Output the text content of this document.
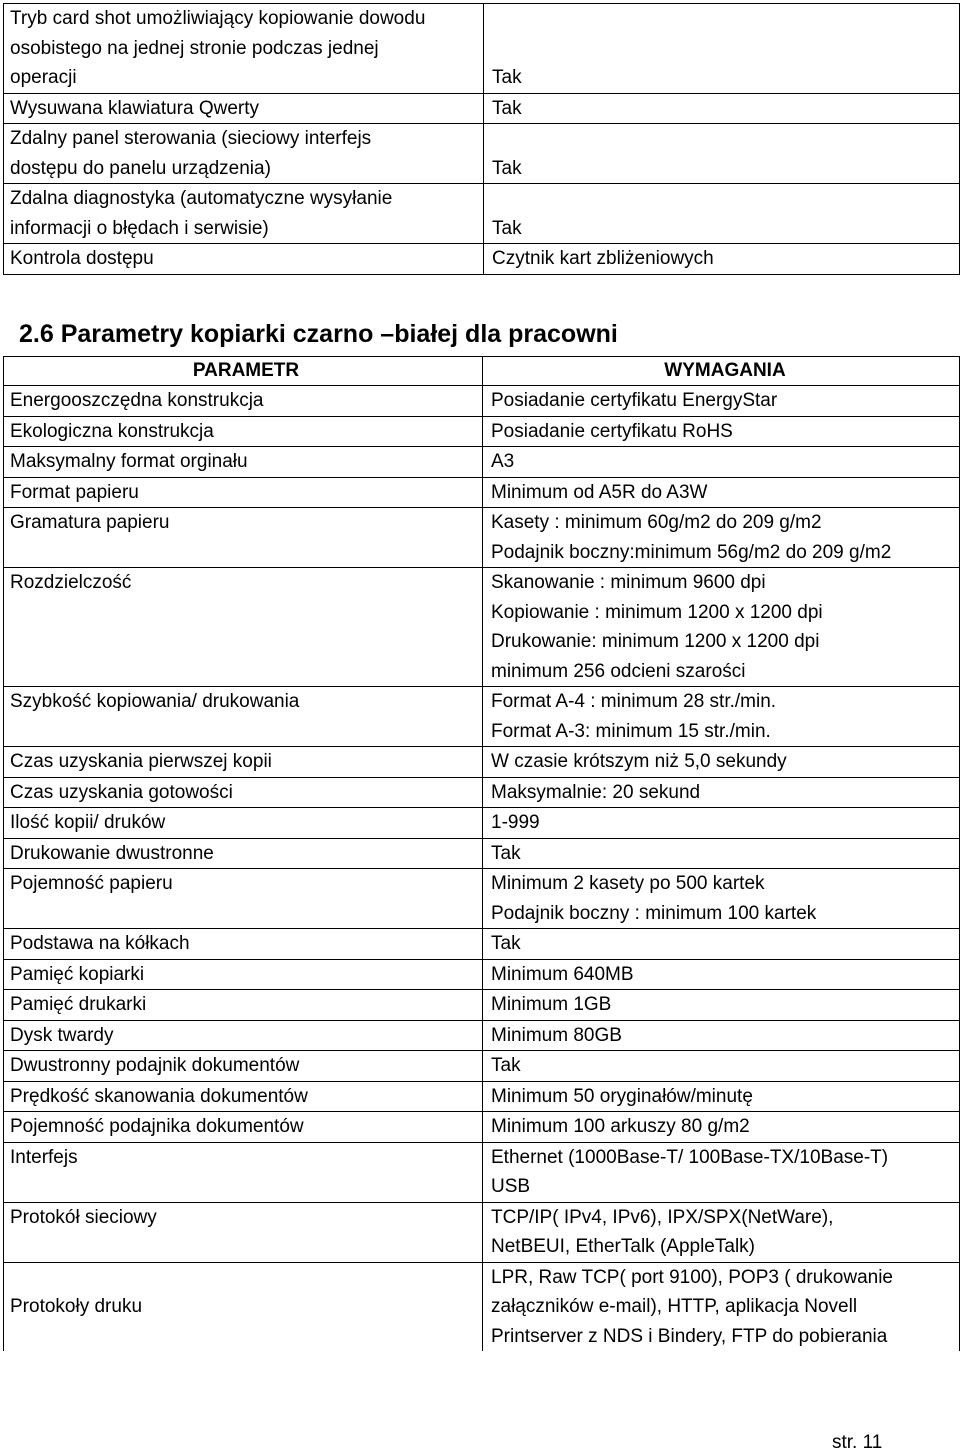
Tryb card shot umożliwiający kopiowanie dowodu
osobistego na jednej stronie podczas jednej
operacji	Tak

Wysuwana klawiatura Qwerty	Tak

Zdalny panel sterowania (sieciowy interfejs
dostępu do panelu urządzenia)	Tak

Zdalna diagnostyka (automatyczne wysyłanie
informacji o błędach i serwisie)	Tak

Kontrola dostępu	Czytnik kart zbliżeniowych
2.6 Parametry kopiarki czarno –białej dla pracowni
PARAMETR	WYMAGANIA

Energooszczędna konstrukcja	Posiadanie certyfikatu EnergyStar

Ekologiczna konstrukcja	Posiadanie certyfikatu RoHS

Maksymalny format orginału	A3

Format papieru	Minimum od A5R do A3W

Gramatura papieru	Kasety : minimum 60g/m2 do 209 g/m2
Podajnik boczny:minimum 56g/m2 do 209 g/m2

Rozdzielczość	Skanowanie : minimum 9600 dpi
Kopiowanie : minimum 1200 x 1200 dpi
Drukowanie: minimum 1200 x 1200 dpi
minimum 256 odcieni szarości

Szybkość kopiowania/ drukowania	Format A-4 : minimum 28 str./min.
Format A-3: minimum 15 str./min.

Czas uzyskania pierwszej kopii	W czasie krótszym niż 5,0 sekundy

Czas uzyskania gotowości	Maksymalnie: 20 sekund

Ilość kopii/ druków	1-999

Drukowanie dwustronne	Tak

Pojemność papieru	Minimum 2 kasety po 500 kartek
Podajnik boczny : minimum 100 kartek

Podstawa na kółkach	Tak

Pamięć kopiarki	Minimum 640MB

Pamięć drukarki	Minimum 1GB

Dysk twardy	Minimum 80GB

Dwustronny podajnik dokumentów	Tak

Prędkość skanowania dokumentów	Minimum 50 oryginałów/minutę

Pojemność podajnika dokumentów	Minimum 100 arkuszy 80 g/m2

Interfejs	Ethernet (1000Base-T/ 100Base-TX/10Base-T)
USB

Protokół sieciowy	TCP/IP( IPv4, IPv6), IPX/SPX(NetWare),
NetBEUI, EtherTalk (AppleTalk)

Protokoły druku	LPR, Raw TCP( port 9100), POP3 ( drukowanie
załączników e-mail), HTTP, aplikacja Novell
Printserver z NDS i Bindery, FTP do pobierania
str. 11
